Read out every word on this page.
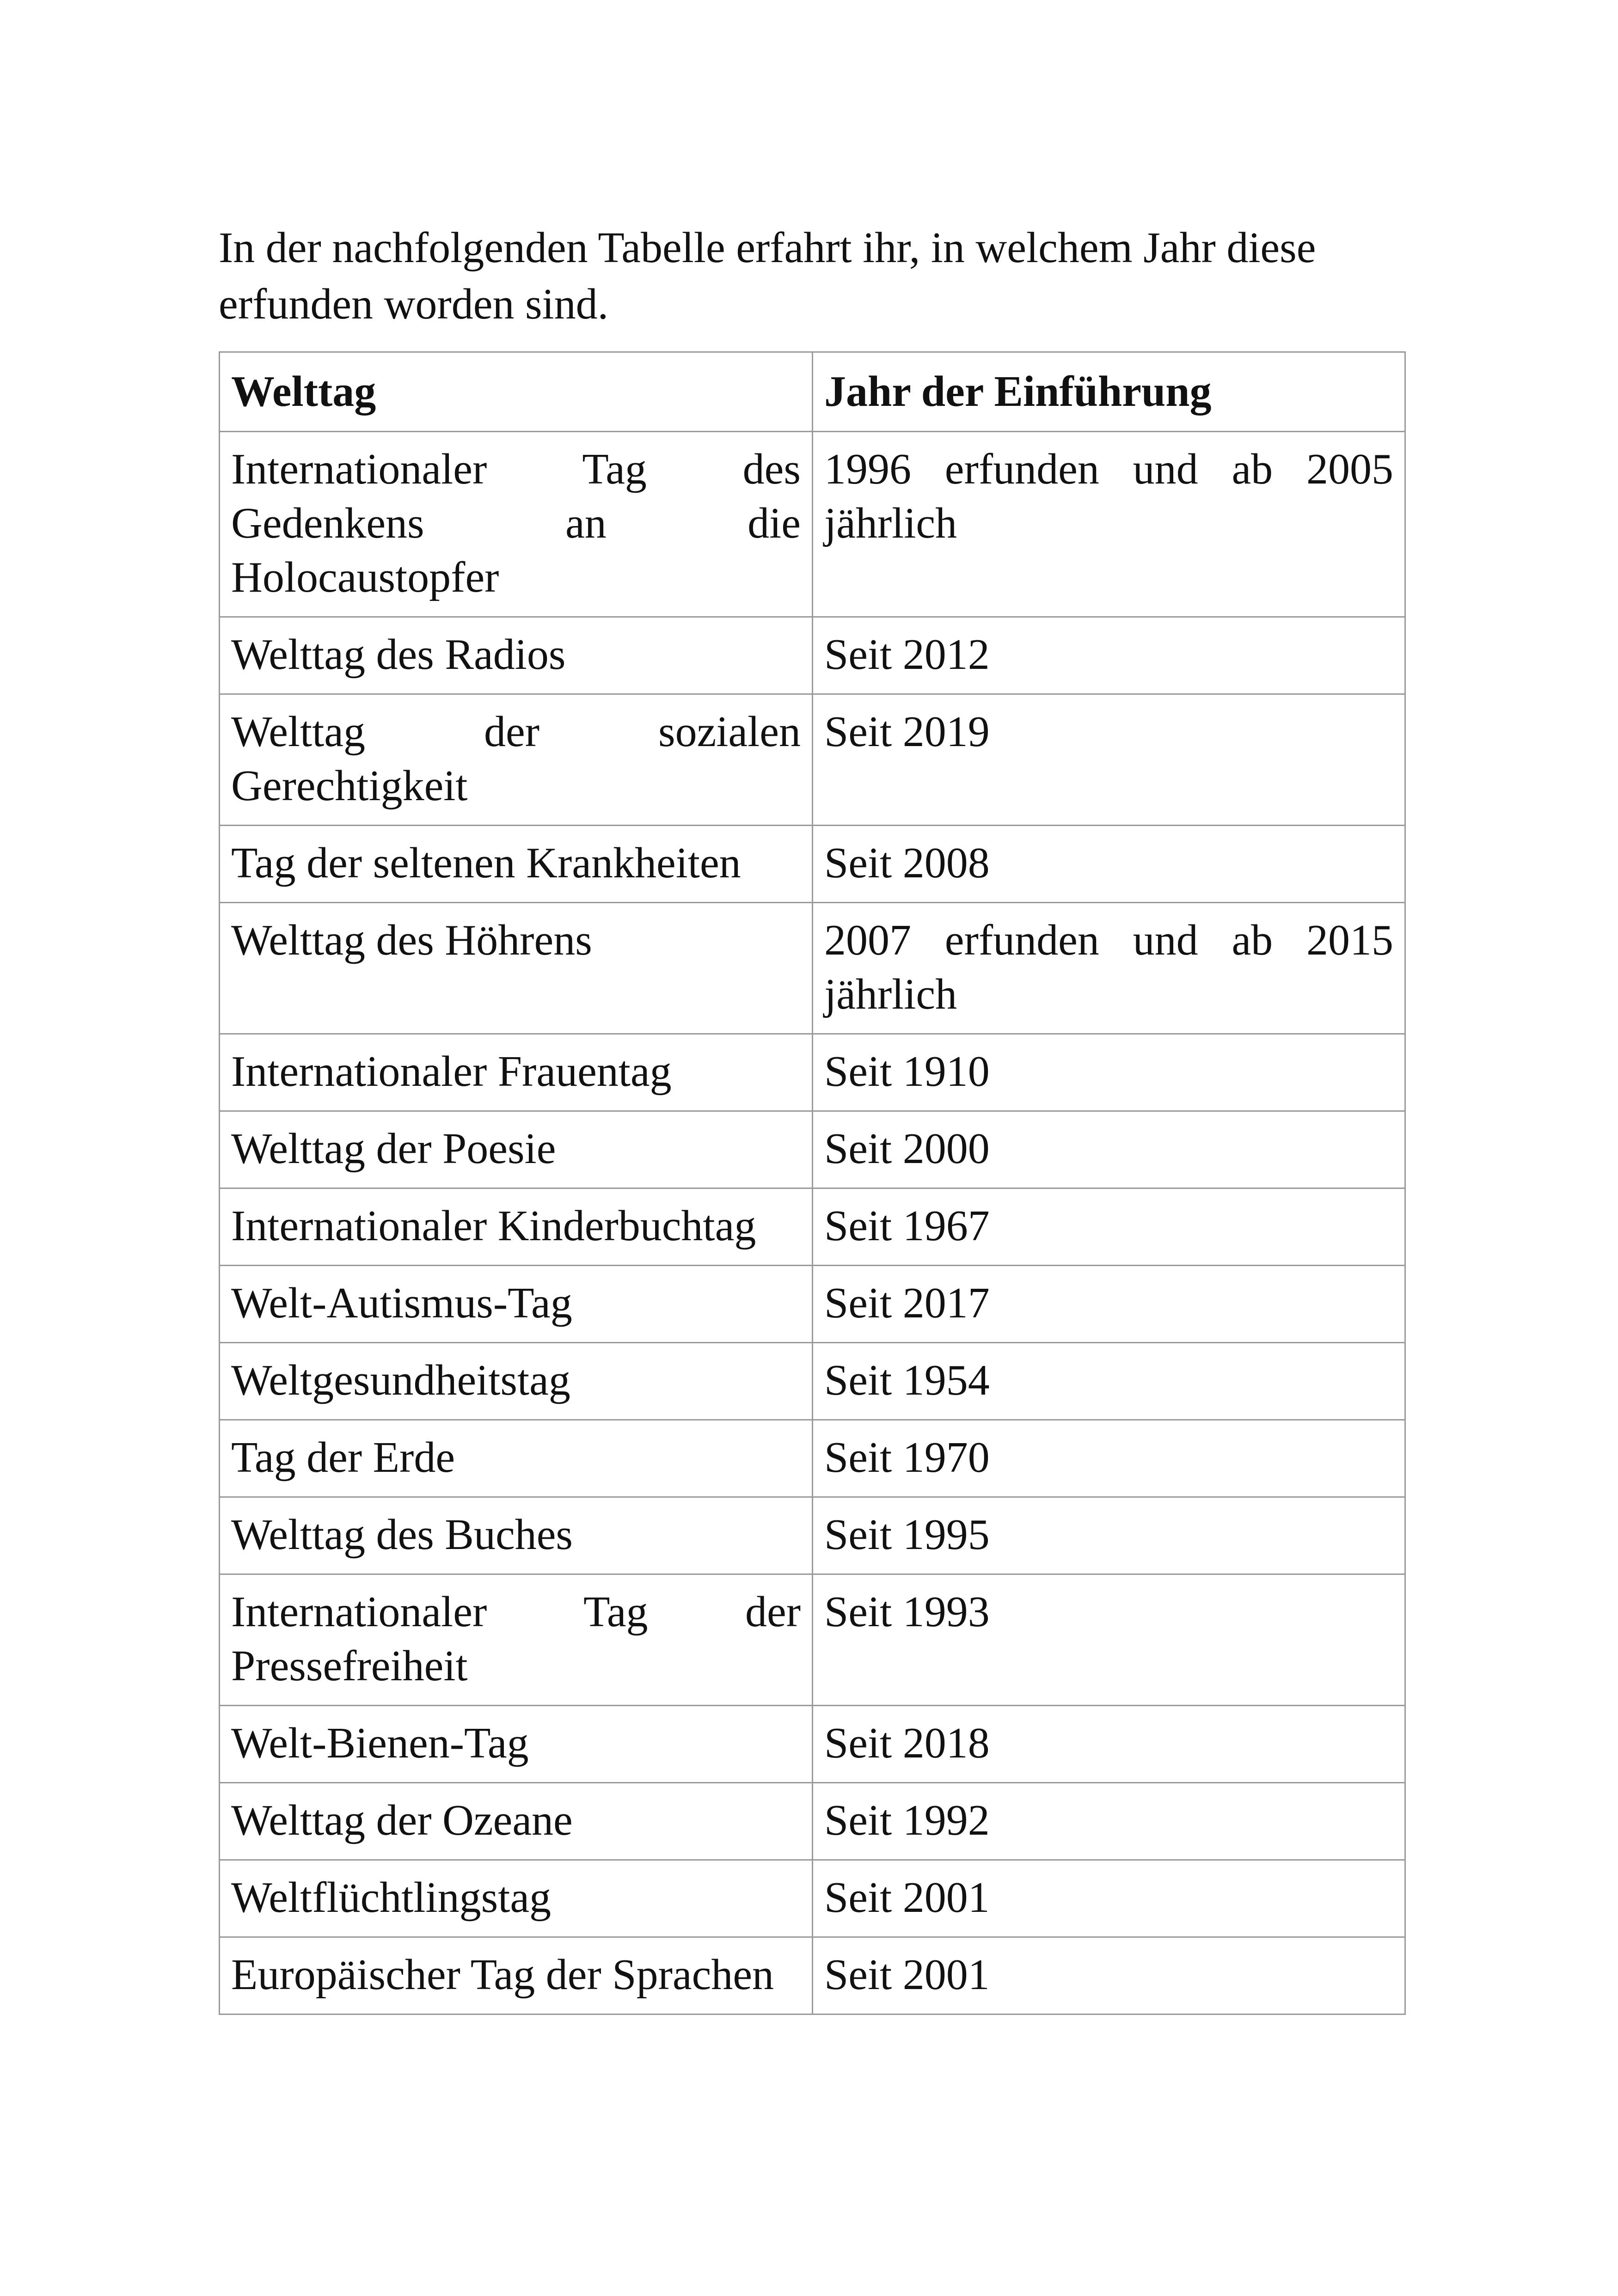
In der nachfolgenden Tabelle erfahrt ihr, in welchem Jahr diese erfunden worden sind.

Welttag	Jahr der Einführung
Internationaler Tag des Gedenkens an die Holocaustopfer	1996 erfunden und ab 2005 jährlich
Welttag des Radios	Seit 2012
Welttag der sozialen Gerechtigkeit	Seit 2019
Tag der seltenen Krankheiten	Seit 2008
Welttag des Höhrens	2007 erfunden und ab 2015 jährlich
Internationaler Frauentag	Seit 1910
Welttag der Poesie	Seit 2000
Internationaler Kinderbuchtag	Seit 1967
Welt-Autismus-Tag	Seit 2017
Weltgesundheitstag	Seit 1954
Tag der Erde	Seit 1970
Welttag des Buches	Seit 1995
Internationaler Tag der Pressefreiheit	Seit 1993
Welt-Bienen-Tag	Seit 2018
Welttag der Ozeane	Seit 1992
Weltflüchtlingstag	Seit 2001
Europäischer Tag der Sprachen	Seit 2001
